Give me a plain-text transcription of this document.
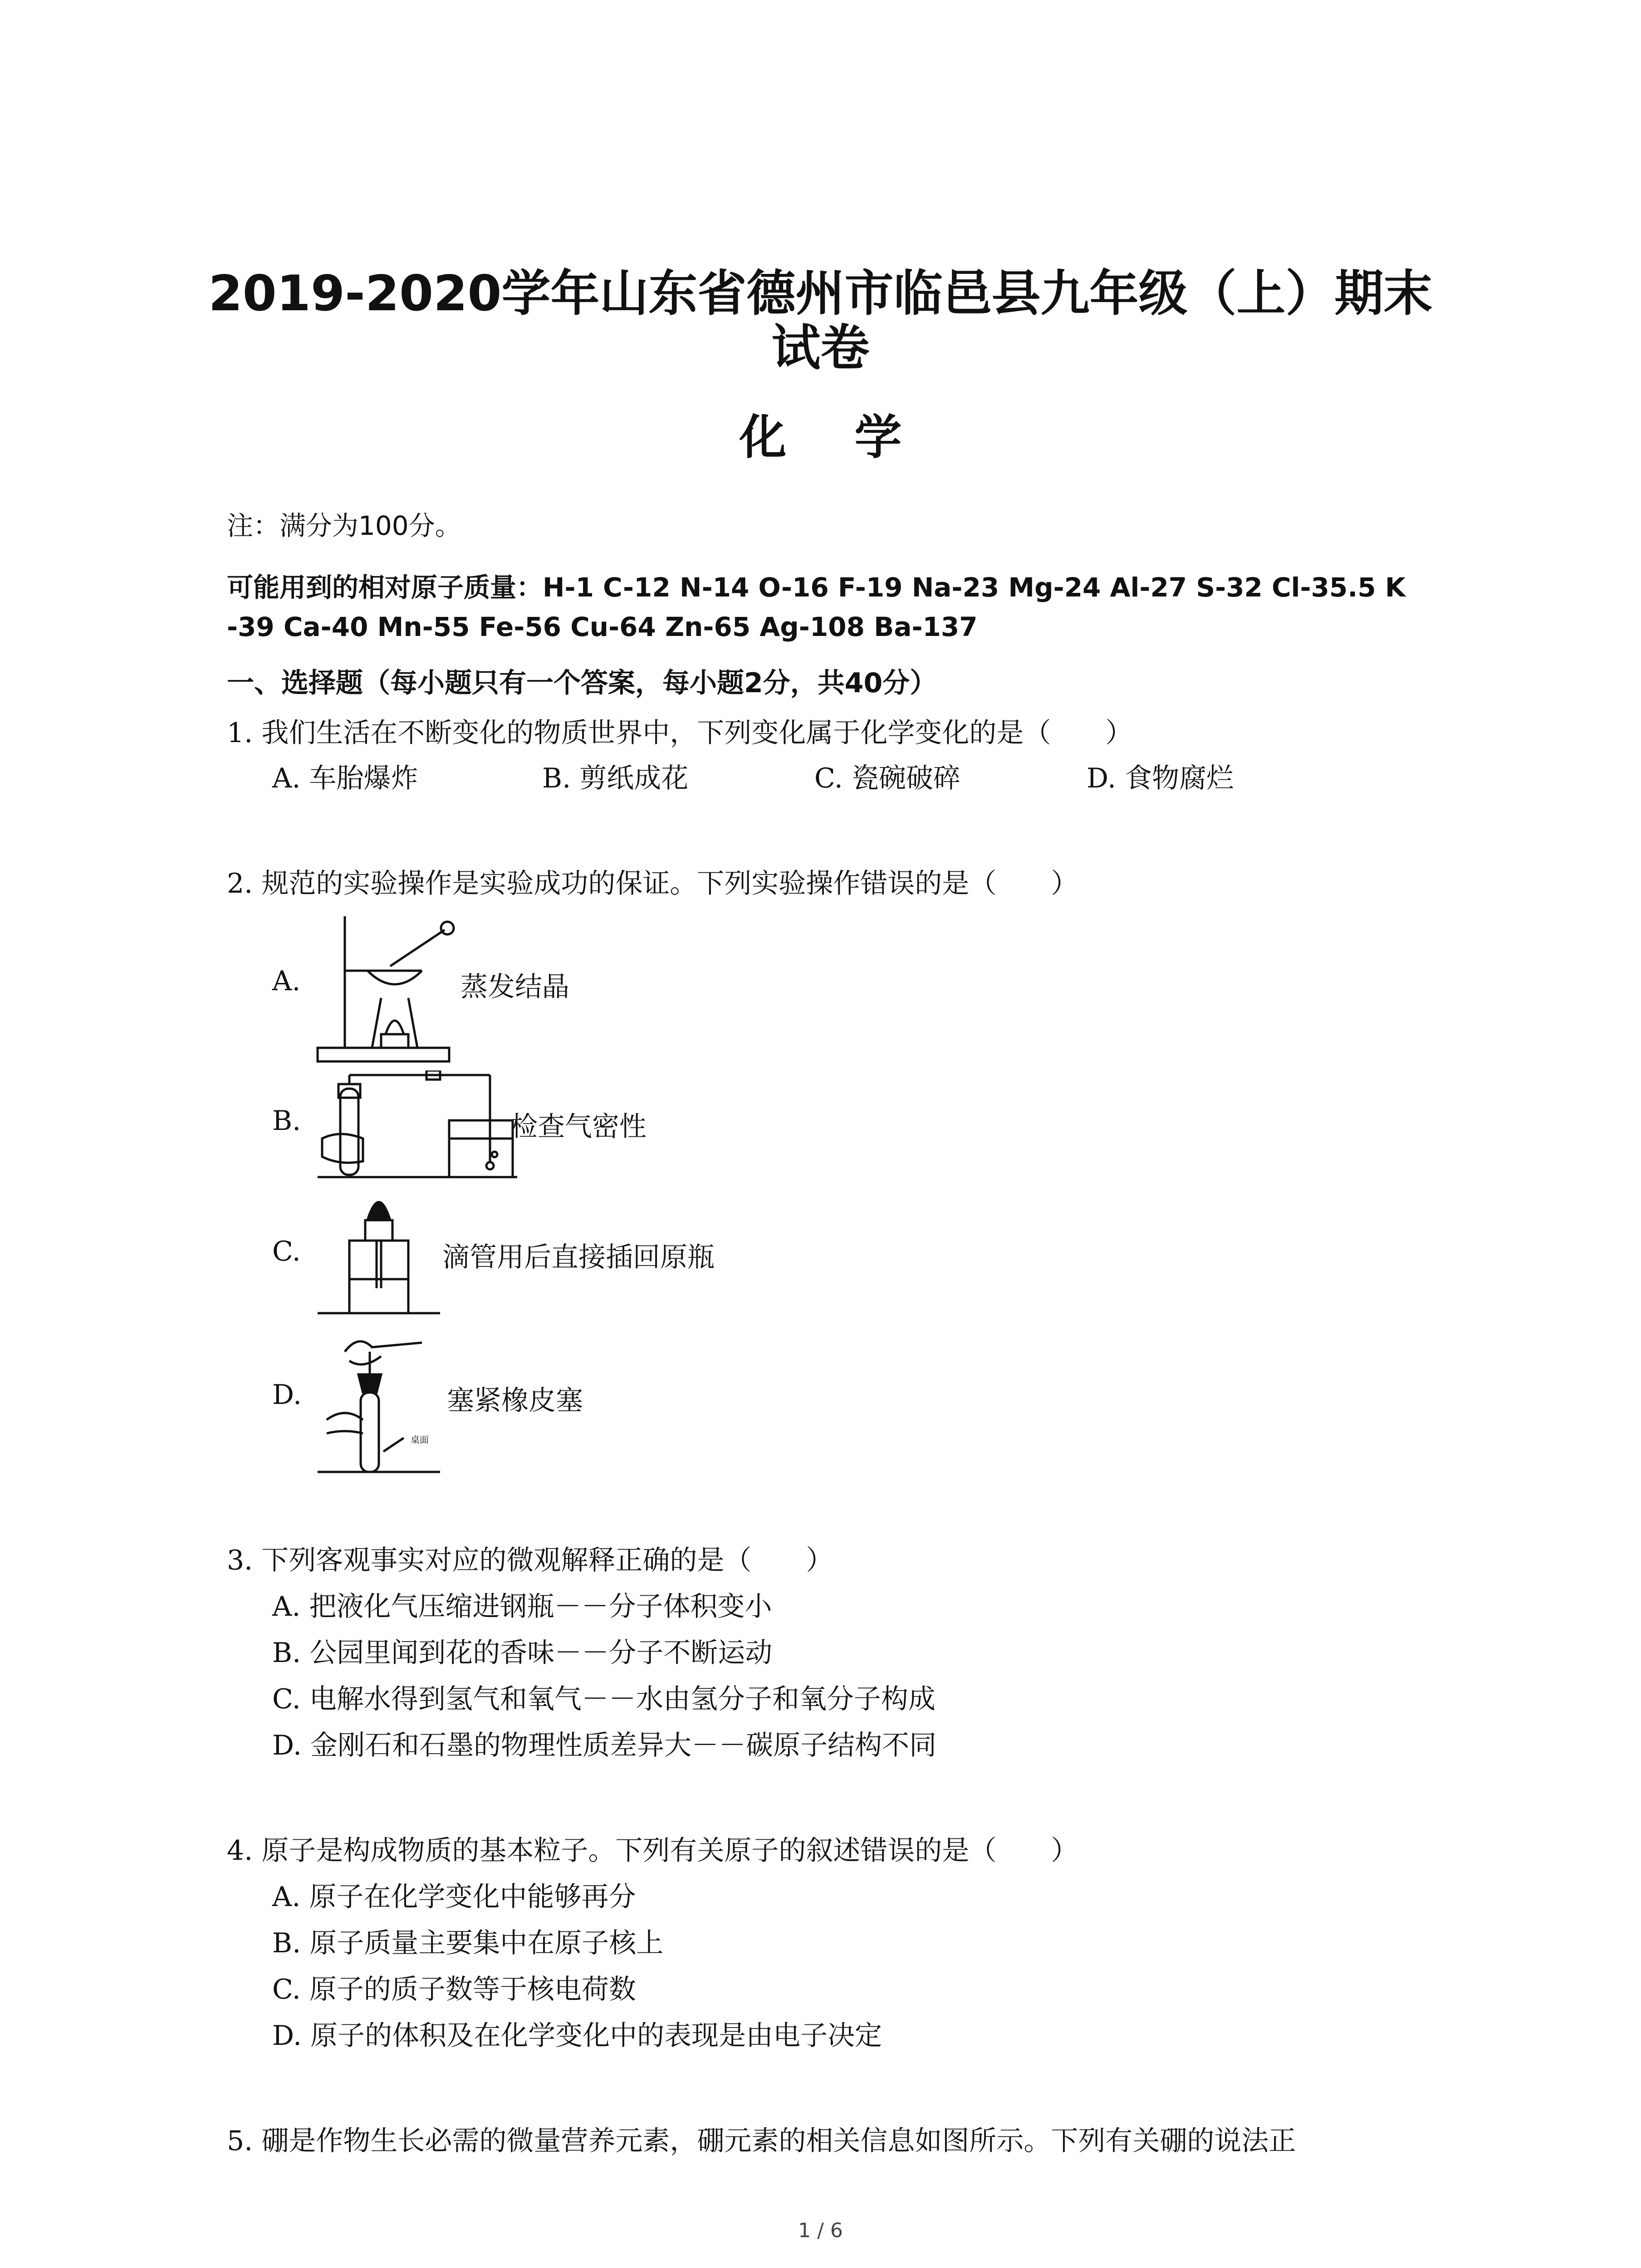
2019-2020学年山东省德州市临邑县九年级（上）期末
试卷
化学
注：满分为100分。
可能用到的相对原子质量：H-1 C-12 N-14 O-16 F-19 Na-23 Mg-24 Al-27 S-32 Cl-35.5 K
-39 Ca-40 Mn-55 Fe-56 Cu-64 Zn-65 Ag-108 Ba-137
一、选择题（每小题只有一个答案，每小题2分，共40分）
1. 我们生活在不断变化的物质世界中，下列变化属于化学变化的是（　　）
A. 车胎爆炸	B. 剪纸成花	C. 瓷碗破碎	D. 食物腐烂
2. 规范的实验操作是实验成功的保证。下列实验操作错误的是（　　）
A.	蒸发结晶
B.	检查气密性
C.	滴管用后直接插回原瓶
D.
桌面
塞紧橡皮塞
3. 下列客观事实对应的微观解释正确的是（　　）
A. 把液化气压缩进钢瓶－－分子体积变小
B. 公园里闻到花的香味－－分子不断运动
C. 电解水得到氢气和氧气－－水由氢分子和氧分子构成
D. 金刚石和石墨的物理性质差异大－－碳原子结构不同
4. 原子是构成物质的基本粒子。下列有关原子的叙述错误的是（　　）
A. 原子在化学变化中能够再分
B. 原子质量主要集中在原子核上
C. 原子的质子数等于核电荷数
D. 原子的体积及在化学变化中的表现是由电子决定
5. 硼是作物生长必需的微量营养元素，硼元素的相关信息如图所示。下列有关硼的说法正
1 / 6
